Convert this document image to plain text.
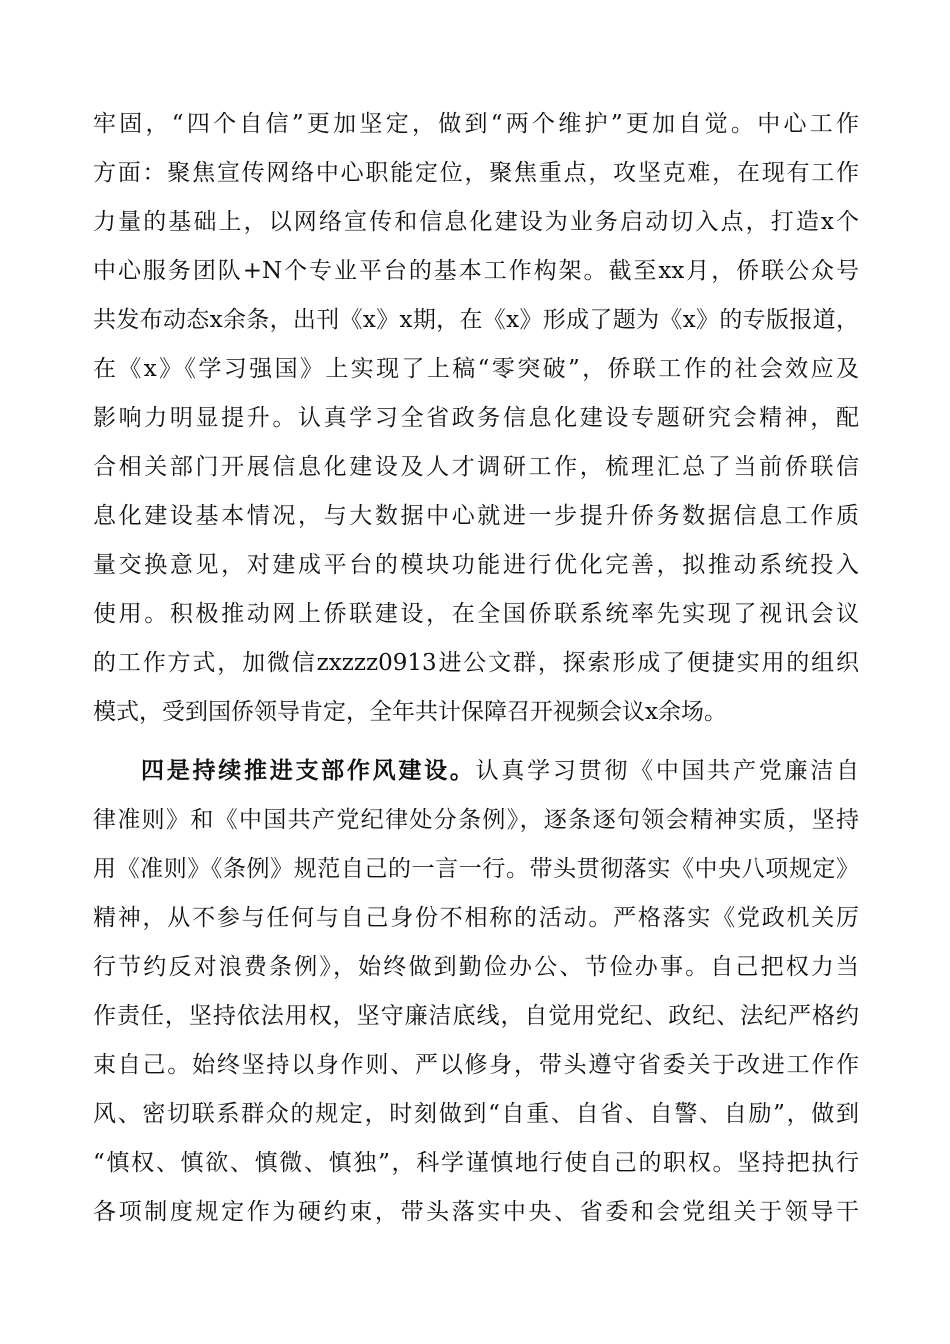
牢固，“四个自信”更加坚定，做到“两个维护”更加自觉。中心工作
方面：聚焦宣传网络中心职能定位，聚焦重点，攻坚克难，在现有工作
力量的基础上，以网络宣传和信息化建设为业务启动切入点，打造x个
中心服务团队+N个专业平台的基本工作构架。截至xx月，侨联公众号
共发布动态x余条，出刊《x》x期，在《x》形成了题为《x》的专版报道，
在《x》《学习强国》上实现了上稿“零突破”，侨联工作的社会效应及
影响力明显提升。认真学习全省政务信息化建设专题研究会精神，配
合相关部门开展信息化建设及人才调研工作，梳理汇总了当前侨联信
息化建设基本情况，与大数据中心就进一步提升侨务数据信息工作质
量交换意见，对建成平台的模块功能进行优化完善，拟推动系统投入
使用。积极推动网上侨联建设，在全国侨联系统率先实现了视讯会议
的工作方式，加微信zxzzz0913进公文群，探索形成了便捷实用的组织
模式，受到国侨领导肯定，全年共计保障召开视频会议x余场。
四是持续推进支部作风建设。认真学习贯彻《中国共产党廉洁自
律准则》和《中国共产党纪律处分条例》，逐条逐句领会精神实质，坚持
用《准则》《条例》规范自己的一言一行。带头贯彻落实《中央八项规定》
精神，从不参与任何与自己身份不相称的活动。严格落实《党政机关厉
行节约反对浪费条例》，始终做到勤俭办公、节俭办事。自己把权力当
作责任，坚持依法用权，坚守廉洁底线，自觉用党纪、政纪、法纪严格约
束自己。始终坚持以身作则、严以修身，带头遵守省委关于改进工作作
风、密切联系群众的规定，时刻做到“自重、自省、自警、自励”，做到
“慎权、慎欲、慎微、慎独”，科学谨慎地行使自己的职权。坚持把执行
各项制度规定作为硬约束，带头落实中央、省委和会党组关于领导干
